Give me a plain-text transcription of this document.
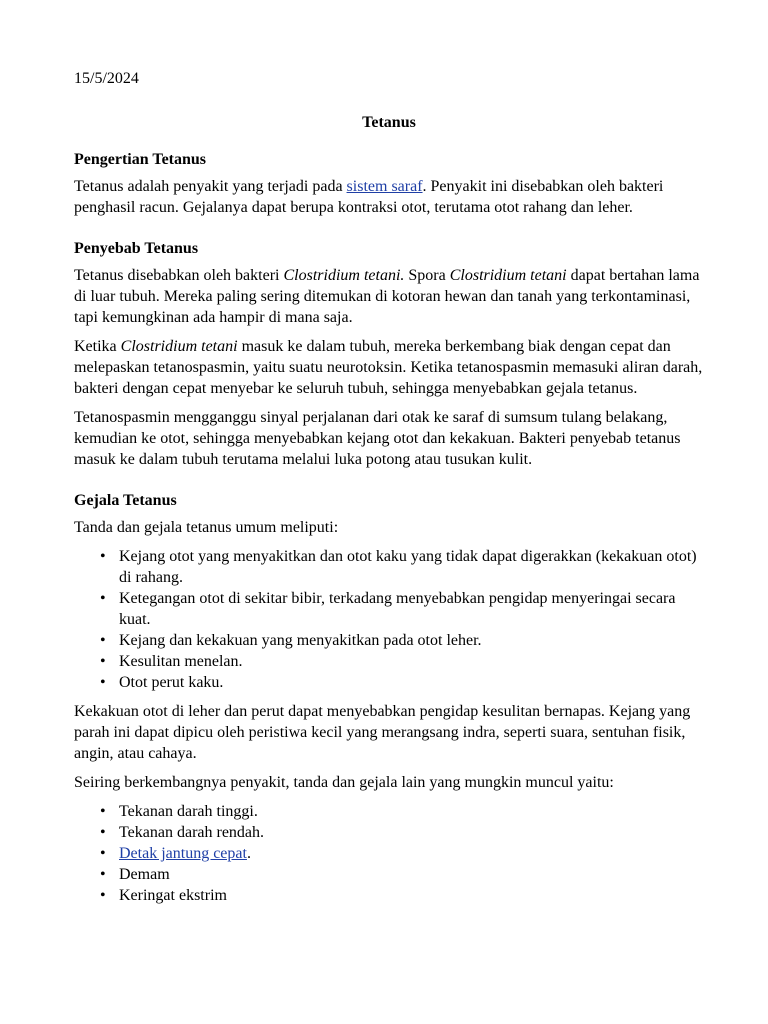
15/5/2024

Tetanus

Pengertian Tetanus

Tetanus adalah penyakit yang terjadi pada sistem saraf. Penyakit ini disebabkan oleh bakteri penghasil racun. Gejalanya dapat berupa kontraksi otot, terutama otot rahang dan leher.

Penyebab Tetanus

Tetanus disebabkan oleh bakteri Clostridium tetani. Spora Clostridium tetani dapat bertahan lama di luar tubuh. Mereka paling sering ditemukan di kotoran hewan dan tanah yang terkontaminasi, tapi kemungkinan ada hampir di mana saja.

Ketika Clostridium tetani masuk ke dalam tubuh, mereka berkembang biak dengan cepat dan melepaskan tetanospasmin, yaitu suatu neurotoksin. Ketika tetanospasmin memasuki aliran darah, bakteri dengan cepat menyebar ke seluruh tubuh, sehingga menyebabkan gejala tetanus.

Tetanospasmin mengganggu sinyal perjalanan dari otak ke saraf di sumsum tulang belakang, kemudian ke otot, sehingga menyebabkan kejang otot dan kekakuan. Bakteri penyebab tetanus masuk ke dalam tubuh terutama melalui luka potong atau tusukan kulit.

Gejala Tetanus

Tanda dan gejala tetanus umum meliputi:

• Kejang otot yang menyakitkan dan otot kaku yang tidak dapat digerakkan (kekakuan otot) di rahang.
• Ketegangan otot di sekitar bibir, terkadang menyebabkan pengidap menyeringai secara kuat.
• Kejang dan kekakuan yang menyakitkan pada otot leher.
• Kesulitan menelan.
• Otot perut kaku.

Kekakuan otot di leher dan perut dapat menyebabkan pengidap kesulitan bernapas. Kejang yang parah ini dapat dipicu oleh peristiwa kecil yang merangsang indra, seperti suara, sentuhan fisik, angin, atau cahaya.

Seiring berkembangnya penyakit, tanda dan gejala lain yang mungkin muncul yaitu:

• Tekanan darah tinggi.
• Tekanan darah rendah.
• Detak jantung cepat.
• Demam
• Keringat ekstrim
